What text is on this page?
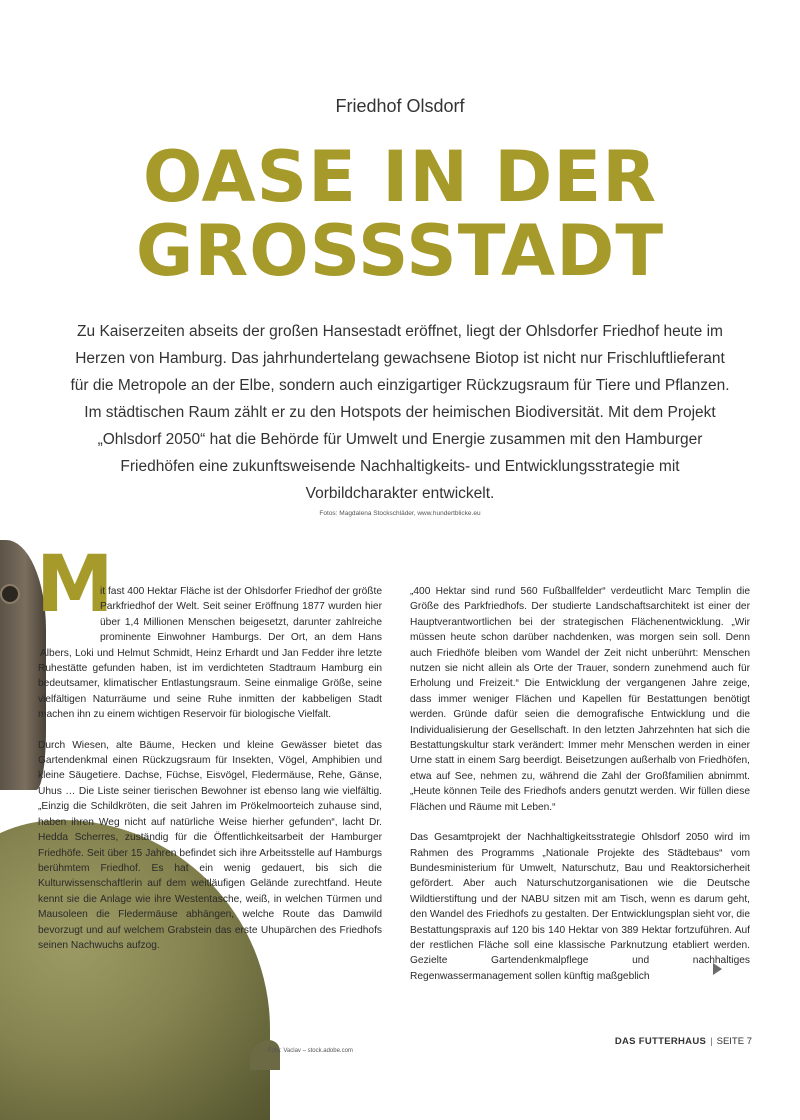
Friedhof Olsdorf
OASE IN DER
GROSSSTADT
Zu Kaiserzeiten abseits der großen Hansestadt eröffnet, liegt der Ohlsdorfer Friedhof heute im Herzen von Hamburg. Das jahrhundertelang gewachsene Biotop ist nicht nur Frischluftlieferant für die Metropole an der Elbe, sondern auch einzigartiger Rückzugsraum für Tiere und Pflanzen. Im städtischen Raum zählt er zu den Hotspots der heimischen Biodiversität. Mit dem Projekt „Ohlsdorf 2050“ hat die Behörde für Umwelt und Energie zusammen mit den Hamburger Friedhöfen eine zukunftsweisende Nachhaltigkeits- und Entwicklungsstrategie mit Vorbildcharakter entwickelt.
Fotos: Magdalena Stockschläder, www.hundertblicke.eu
M

it fast 400 Hektar Fläche ist der Ohlsdorfer Friedhof der größte Parkfriedhof der Welt. Seit seiner Eröffnung 1877 wurden hier über 1,4 Millionen Menschen beigesetzt, darunter zahlreiche prominente Einwohner Hamburgs. Der Ort, an dem Hans Albers, Loki und Helmut Schmidt, Heinz Erhardt und Jan Fedder ihre letzte Ruhestätte gefunden haben, ist im verdichteten Stadtraum Hamburg ein bedeutsamer, klimatischer Entlastungsraum. Seine einmalige Größe, seine vielfältigen Naturräume und seine Ruhe inmitten der kabbeligen Stadt machen ihn zu einem wichtigen Reservoir für biologische Vielfalt.

Durch Wiesen, alte Bäume, Hecken und kleine Gewässer bietet das Gartendenkmal einen Rückzugsraum für Insekten, Vögel, Amphibien und kleine Säugetiere. Dachse, Füchse, Eisvögel, Fledermäuse, Rehe, Gänse, Uhus … Die Liste seiner tierischen Bewohner ist ebenso lang wie vielfältig. „Einzig die Schildkröten, die seit Jahren im Prökelmoorteich zuhause sind, haben ihren Weg nicht auf natürliche Weise hierher gefunden“, lacht Dr. Hedda Scherres, zuständig für die Öffentlichkeitsarbeit der Hamburger Friedhöfe. Seit über 15 Jahren befindet sich ihre Arbeitsstelle auf Hamburgs berühmtem Friedhof. Es hat ein wenig gedauert, bis sich die Kulturwissenschaftlerin auf dem weitläufigen Gelände zurechtfand. Heute kennt sie die Anlage wie ihre Westentasche, weiß, in welchen Türmen und Mausoleen die Fledermäuse abhängen, welche Route das Damwild bevorzugt und auf welchem Grabstein das erste Uhupärchen des Friedhofs seinen Nachwuchs aufzog.

„400 Hektar sind rund 560 Fußballfelder“ verdeutlicht Marc Templin die Größe des Parkfriedhofs. Der studierte Landschaftsarchitekt ist einer der Hauptverantwortlichen bei der strategischen Flächenentwicklung. „Wir müssen heute schon darüber nachdenken, was morgen sein soll. Denn auch Friedhöfe bleiben vom Wandel der Zeit nicht unberührt: Menschen nutzen sie nicht allein als Orte der Trauer, sondern zunehmend auch für Erholung und Freizeit.“ Die Entwicklung der vergangenen Jahre zeige, dass immer weniger Flächen und Kapellen für Bestattungen benötigt werden. Gründe dafür seien die demografische Entwicklung und die Individualisierung der Gesellschaft. In den letzten Jahrzehnten hat sich die Bestattungskultur stark verändert: Immer mehr Menschen werden in einer Urne statt in einem Sarg beerdigt. Beisetzungen außerhalb von Friedhöfen, etwa auf See, nehmen zu, während die Zahl der Großfamilien abnimmt. „Heute können Teile des Friedhofs anders genutzt werden. Wir füllen diese Flächen und Räume mit Leben.“

Das Gesamtprojekt der Nachhaltigkeitsstrategie Ohlsdorf 2050 wird im Rahmen des Programms „Nationale Projekte des Städtebaus“ vom Bundesministerium für Umwelt, Naturschutz, Bau und Reaktorsicherheit gefördert. Aber auch Naturschutzorganisationen wie die Deutsche Wildtierstiftung und der NABU sitzen mit am Tisch, wenn es darum geht, den Wandel des Friedhofs zu gestalten. Der Entwicklungsplan sieht vor, die Bestattungspraxis auf 120 bis 140 Hektar von 389 Hektar fortzuführen. Auf der restlichen Fläche soll eine klassische Parknutzung etabliert werden. Gezielte Gartendenkmalpflege und nachhaltiges Regenwassermanagement sollen künftig maßgeblich

Foto: Vaclav – stock.adobe.com
DAS FUTTERHAUS | SEITE 7
